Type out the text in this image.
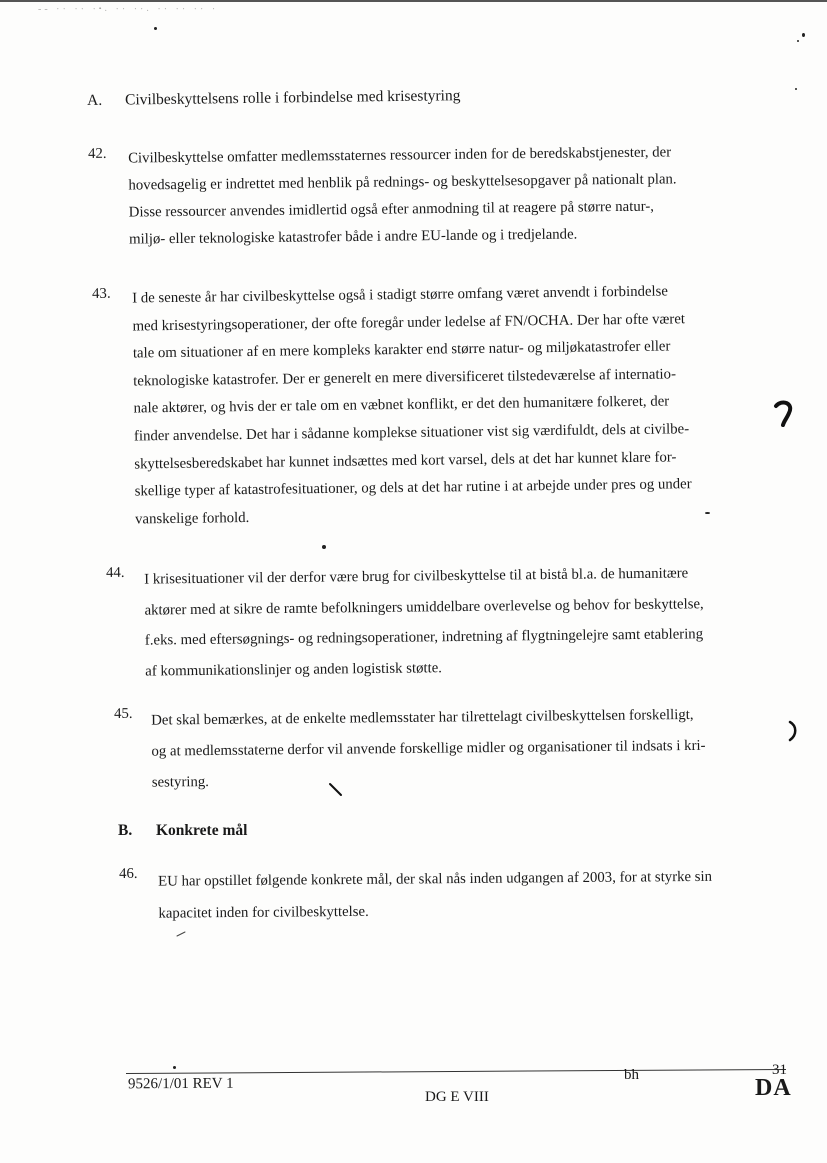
-- ·· ·· ·ᵃ. ·· ··. ·· ·· ·· ·
A. Civilbeskyttelsens rolle i forbindelse med krisestyring
42. Civilbeskyttelse omfatter medlemsstaternes ressourcer inden for de beredskabstjenester, der
hovedsagelig er indrettet med henblik på rednings- og beskyttelsesopgaver på nationalt plan.
Disse ressourcer anvendes imidlertid også efter anmodning til at reagere på større natur-,
miljø- eller teknologiske katastrofer både i andre EU-lande og i tredjelande.
43. I de seneste år har civilbeskyttelse også i stadigt større omfang været anvendt i forbindelse
med krisestyringsoperationer, der ofte foregår under ledelse af FN/OCHA. Der har ofte været
tale om situationer af en mere kompleks karakter end større natur- og miljøkatastrofer eller
teknologiske katastrofer. Der er generelt en mere diversificeret tilstedeværelse af internatio-
nale aktører, og hvis der er tale om en væbnet konflikt, er det den humanitære folkeret, der
finder anvendelse. Det har i sådanne komplekse situationer vist sig værdifuldt, dels at civilbe-
skyttelsesberedskabet har kunnet indsættes med kort varsel, dels at det har kunnet klare for-
skellige typer af katastrofesituationer, og dels at det har rutine i at arbejde under pres og under
vanskelige forhold.
44. I krisesituationer vil der derfor være brug for civilbeskyttelse til at bistå bl.a. de humanitære
aktører med at sikre de ramte befolkningers umiddelbare overlevelse og behov for beskyttelse,
f.eks. med eftersøgnings- og redningsoperationer, indretning af flygtningelejre samt etablering
af kommunikationslinjer og anden logistisk støtte.
45. Det skal bemærkes, at de enkelte medlemsstater har tilrettelagt civilbeskyttelsen forskelligt,
og at medlemsstaterne derfor vil anvende forskellige midler og organisationer til indsats i kri-
sestyring.
B. Konkrete mål
46. EU har opstillet følgende konkrete mål, der skal nås inden udgangen af 2003, for at styrke sin
kapacitet inden for civilbeskyttelse.
9526/1/01 REV 1
DG E VIII
bh	31
DA
